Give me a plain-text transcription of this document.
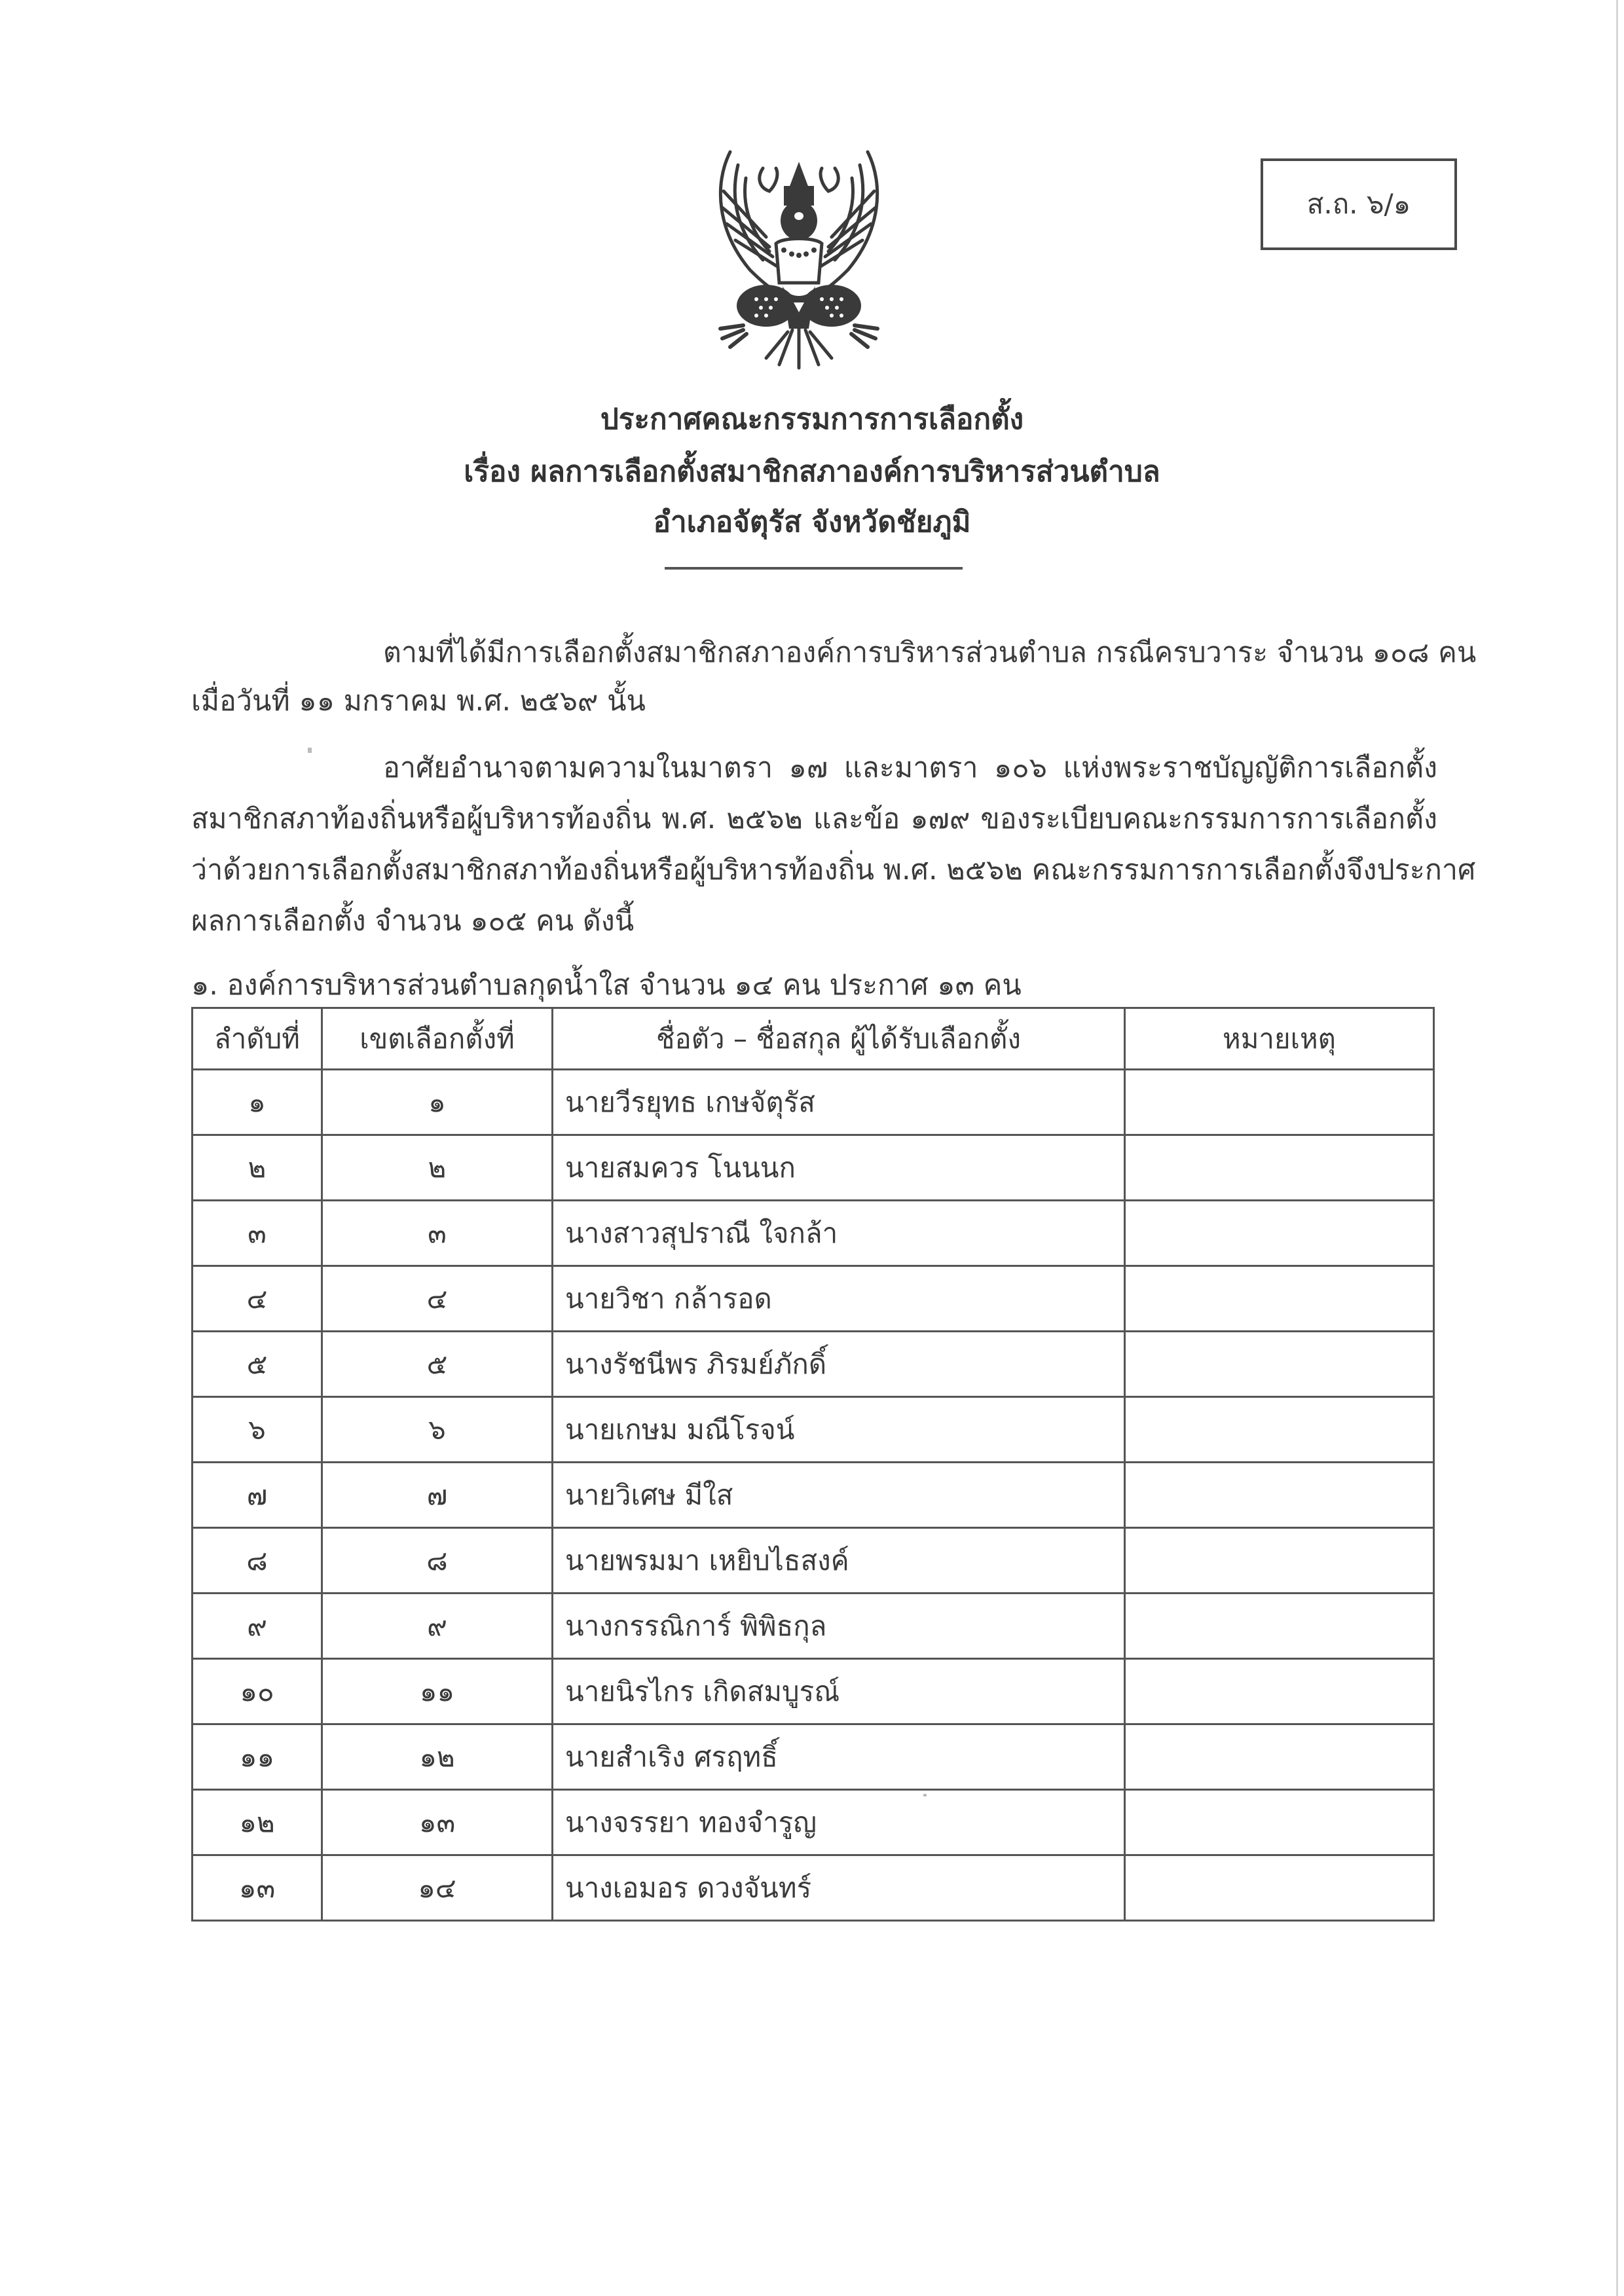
ส.ถ. ๖/๑
ประกาศคณะกรรมการการเลือกตั้ง
เรื่อง ผลการเลือกตั้งสมาชิกสภาองค์การบริหารส่วนตำบล
อำเภอจัตุรัส จังหวัดชัยภูมิ
ตามที่ได้มีการเลือกตั้งสมาชิกสภาองค์การบริหารส่วนตำบล กรณีครบวาระ จำนวน ๑๐๘ คน
เมื่อวันที่ ๑๑ มกราคม พ.ศ. ๒๕๖๙ นั้น
อาศัยอำนาจตามความในมาตรา ๑๗ และมาตรา ๑๐๖ แห่งพระราชบัญญัติการเลือกตั้ง
สมาชิกสภาท้องถิ่นหรือผู้บริหารท้องถิ่น พ.ศ. ๒๕๖๒ และข้อ ๑๗๙ ของระเบียบคณะกรรมการการเลือกตั้ง
ว่าด้วยการเลือกตั้งสมาชิกสภาท้องถิ่นหรือผู้บริหารท้องถิ่น พ.ศ. ๒๕๖๒ คณะกรรมการการเลือกตั้งจึงประกาศ
ผลการเลือกตั้ง จำนวน ๑๐๕ คน ดังนี้
๑. องค์การบริหารส่วนตำบลกุดน้ำใส จำนวน ๑๔ คน ประกาศ ๑๓ คน
ลำดับที่	เขตเลือกตั้งที่	ชื่อตัว – ชื่อสกุล ผู้ได้รับเลือกตั้ง	หมายเหตุ
๑	๑	นายวีรยุทธ เกษจัตุรัส	
๒	๒	นายสมควร โนนนก	
๓	๓	นางสาวสุปราณี ใจกล้า	
๔	๔	นายวิชา กล้ารอด	
๕	๕	นางรัชนีพร ภิรมย์ภักดิ์	
๖	๖	นายเกษม มณีโรจน์	
๗	๗	นายวิเศษ มีใส	
๘	๘	นายพรมมา เหยิบไธสงค์	
๙	๙	นางกรรณิการ์ พิพิธกุล	
๑๐	๑๑	นายนิรไกร เกิดสมบูรณ์	
๑๑	๑๒	นายสำเริง ศรฤทธิ์	
๑๒	๑๓	นางจรรยา ทองจำรูญ	
๑๓	๑๔	นางเอมอร ดวงจันทร์	
